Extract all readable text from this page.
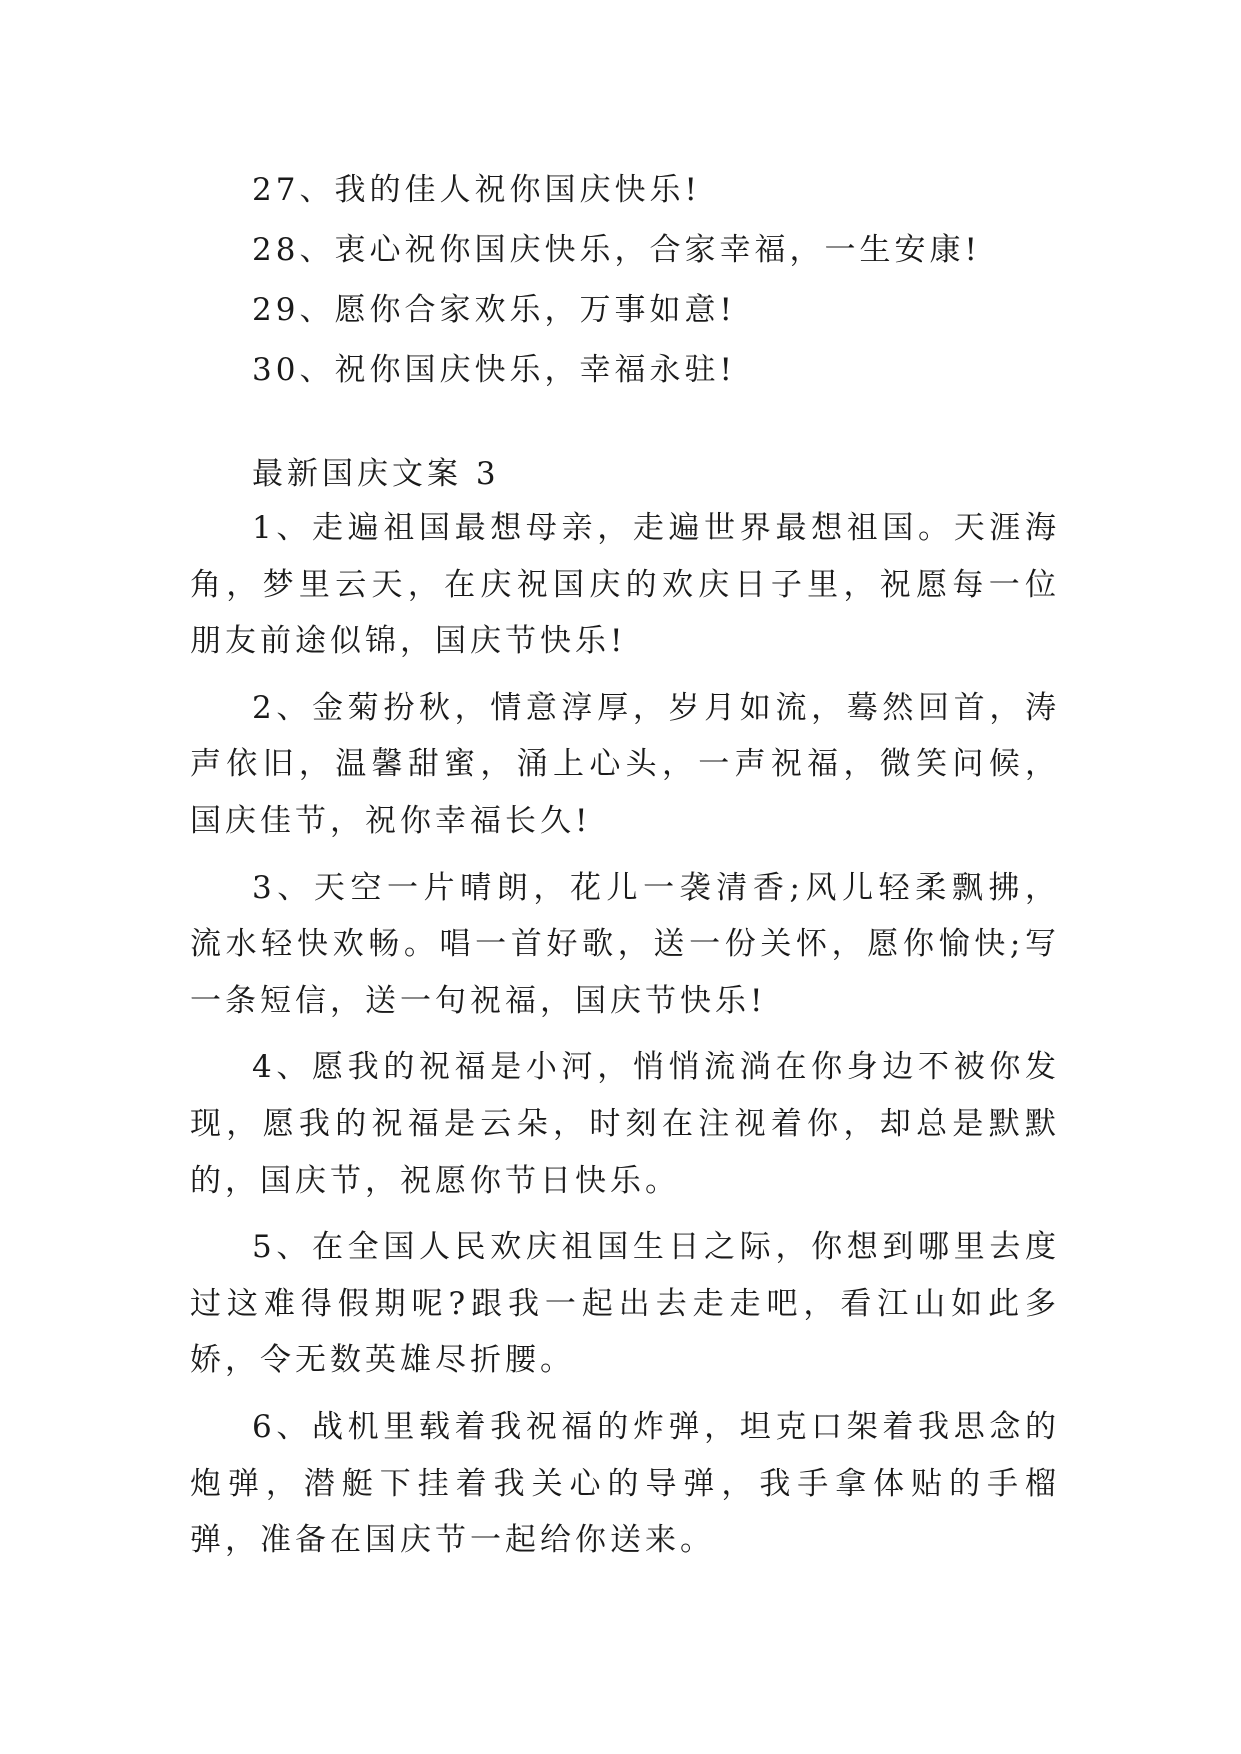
27、我的佳人祝你国庆快乐!

28、衷心祝你国庆快乐，合家幸福，一生安康!

29、愿你合家欢乐，万事如意!

30、祝你国庆快乐，幸福永驻!

最新国庆文案 3

1、走遍祖国最想母亲，走遍世界最想祖国。天涯海角，梦里云天，在庆祝国庆的欢庆日子里，祝愿每一位朋友前途似锦，国庆节快乐!

2、金菊扮秋，情意淳厚，岁月如流，蓦然回首，涛声依旧，温馨甜蜜，涌上心头，一声祝福，微笑问候，国庆佳节，祝你幸福长久!

3、天空一片晴朗，花儿一袭清香;风儿轻柔飘拂，流水轻快欢畅。唱一首好歌，送一份关怀，愿你愉快;写一条短信，送一句祝福，国庆节快乐!

4、愿我的祝福是小河，悄悄流淌在你身边不被你发现，愿我的祝福是云朵，时刻在注视着你，却总是默默的，国庆节，祝愿你节日快乐。

5、在全国人民欢庆祖国生日之际，你想到哪里去度过这难得假期呢?跟我一起出去走走吧，看江山如此多娇，令无数英雄尽折腰。

6、战机里载着我祝福的炸弹，坦克口架着我思念的炮弹，潜艇下挂着我关心的导弹，我手拿体贴的手榴弹，准备在国庆节一起给你送来。
